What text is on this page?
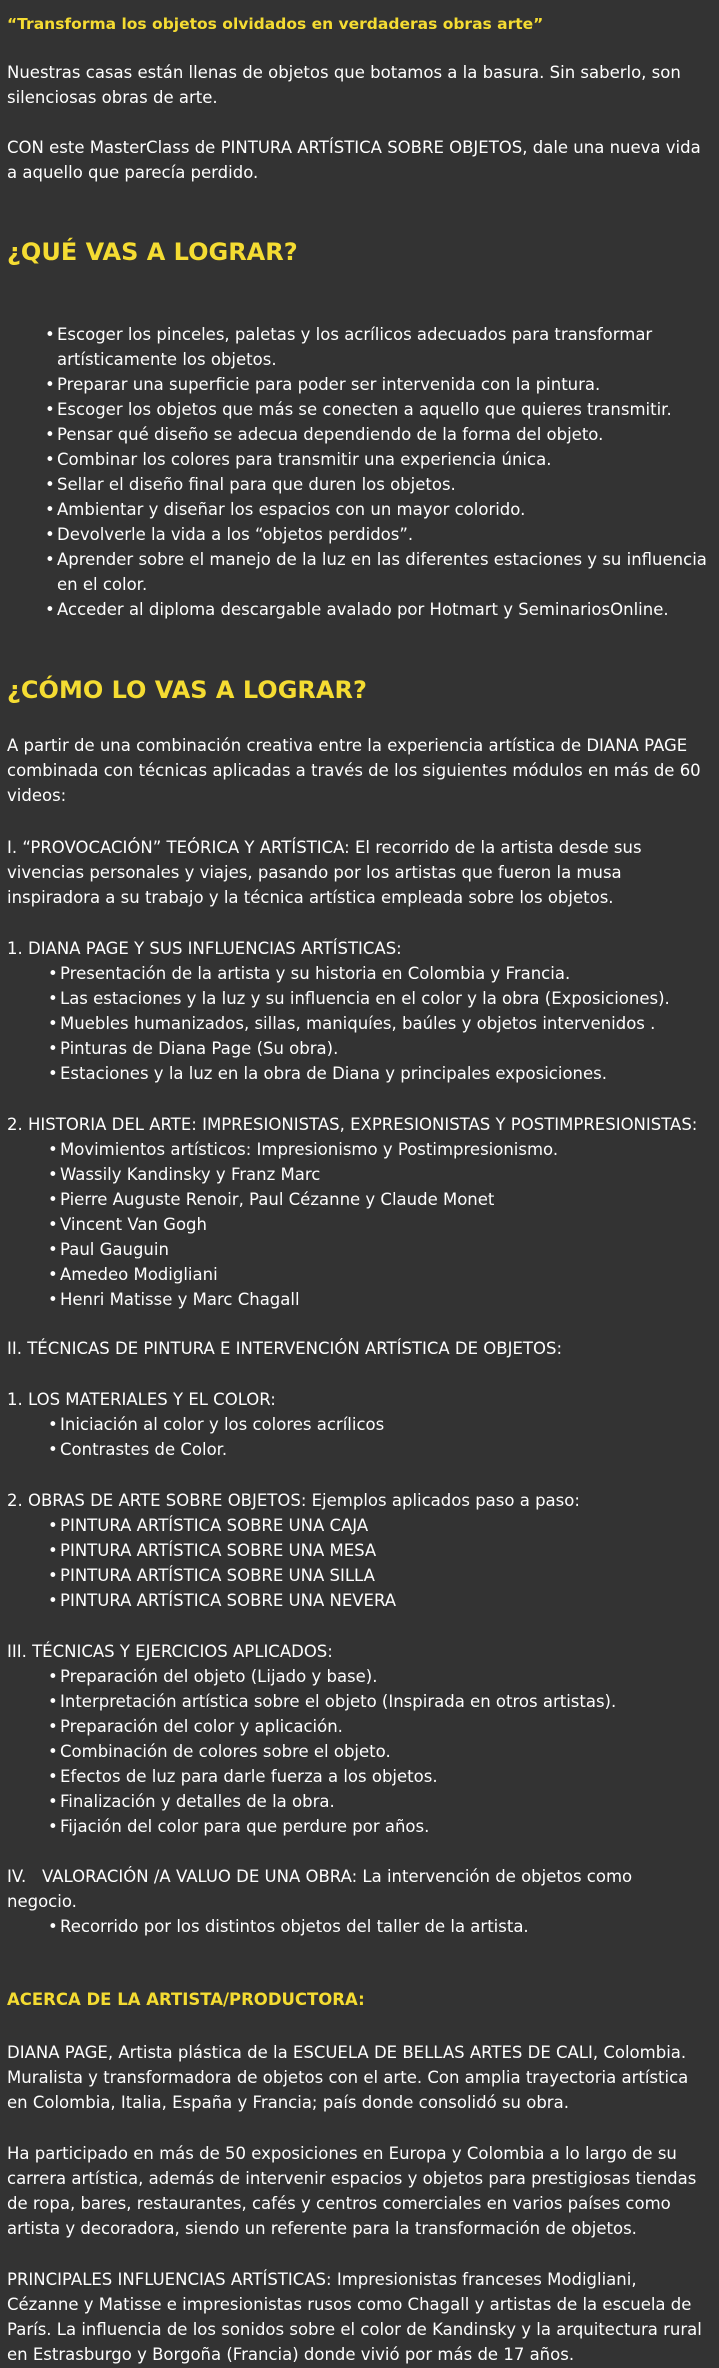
“Transforma los objetos olvidados en verdaderas obras arte”

Nuestras casas están llenas de objetos que botamos a la basura. Sin saberlo, son silenciosas obras de arte.

CON este MasterClass de PINTURA ARTÍSTICA SOBRE OBJETOS, dale una nueva vida a aquello que parecía perdido.

¿QUÉ VAS A LOGRAR?
• Escoger los pinceles, paletas y los acrílicos adecuados para transformar artísticamente los objetos.
• Preparar una superficie para poder ser intervenida con la pintura.
• Escoger los objetos que más se conecten a aquello que quieres transmitir.
• Pensar qué diseño se adecua dependiendo de la forma del objeto.
• Combinar los colores para transmitir una experiencia única.
• Sellar el diseño final para que duren los objetos.
• Ambientar y diseñar los espacios con un mayor colorido.
• Devolverle la vida a los “objetos perdidos”.
• Aprender sobre el manejo de la luz en las diferentes estaciones y su influencia en el color.
• Acceder al diploma descargable avalado por Hotmart y SeminariosOnline.
¿CÓMO LO VAS A LOGRAR?

A partir de una combinación creativa entre la experiencia artística de DIANA PAGE combinada con técnicas aplicadas a través de los siguientes módulos en más de 60 videos:

I. “PROVOCACIÓN” TEÓRICA Y ARTÍSTICA: El recorrido de la artista desde sus vivencias personales y viajes, pasando por los artistas que fueron la musa inspiradora a su trabajo y la técnica artística empleada sobre los objetos.

1. DIANA PAGE Y SUS INFLUENCIAS ARTÍSTICAS:

• Presentación de la artista y su historia en Colombia y Francia.
• Las estaciones y la luz y su influencia en el color y la obra (Exposiciones).
• Muebles humanizados, sillas, maniquíes, baúles y objetos intervenidos .
• Pinturas de Diana Page (Su obra).
• Estaciones y la luz en la obra de Diana y principales exposiciones.

2. HISTORIA DEL ARTE: IMPRESIONISTAS, EXPRESIONISTAS Y POSTIMPRESIONISTAS:

• Movimientos artísticos: Impresionismo y Postimpresionismo.
• Wassily Kandinsky y Franz Marc
• Pierre Auguste Renoir, Paul Cézanne y Claude Monet
• Vincent Van Gogh
• Paul Gauguin
• Amedeo Modigliani
• Henri Matisse y Marc Chagall

II. TÉCNICAS DE PINTURA E INTERVENCIÓN ARTÍSTICA DE OBJETOS:

1. LOS MATERIALES Y EL COLOR:

• Iniciación al color y los colores acrílicos
• Contrastes de Color.

2. OBRAS DE ARTE SOBRE OBJETOS: Ejemplos aplicados paso a paso:

• PINTURA ARTÍSTICA SOBRE UNA CAJA
• PINTURA ARTÍSTICA SOBRE UNA MESA
• PINTURA ARTÍSTICA SOBRE UNA SILLA
• PINTURA ARTÍSTICA SOBRE UNA NEVERA

III. TÉCNICAS Y EJERCICIOS APLICADOS:

• Preparación del objeto (Lijado y base).
• Interpretación artística sobre el objeto (Inspirada en otros artistas).
• Preparación del color y aplicación.
• Combinación de colores sobre el objeto.
• Efectos de luz para darle fuerza a los objetos.
• Finalización y detalles de la obra.
• Fijación del color para que perdure por años.

IV.   VALORACIÓN /A VALUO DE UNA OBRA: La intervención de objetos como negocio.

• Recorrido por los distintos objetos del taller de la artista.
ACERCA DE LA ARTISTA/PRODUCTORA:

DIANA PAGE, Artista plástica de la ESCUELA DE BELLAS ARTES DE CALI, Colombia. Muralista y transformadora de objetos con el arte. Con amplia trayectoria artística en Colombia, Italia, España y Francia; país donde consolidó su obra.

Ha participado en más de 50 exposiciones en Europa y Colombia a lo largo de su carrera artística, además de intervenir espacios y objetos para prestigiosas tiendas de ropa, bares, restaurantes, cafés y centros comerciales en varios países como artista y decoradora, siendo un referente para la transformación de objetos.

PRINCIPALES INFLUENCIAS ARTÍSTICAS: Impresionistas franceses Modigliani, Cézanne y Matisse e impresionistas rusos como Chagall y artistas de la escuela de París. La influencia de los sonidos sobre el color de Kandinsky y la arquitectura rural en Estrasburgo y Borgoña (Francia) donde vivió por más de 17 años.
